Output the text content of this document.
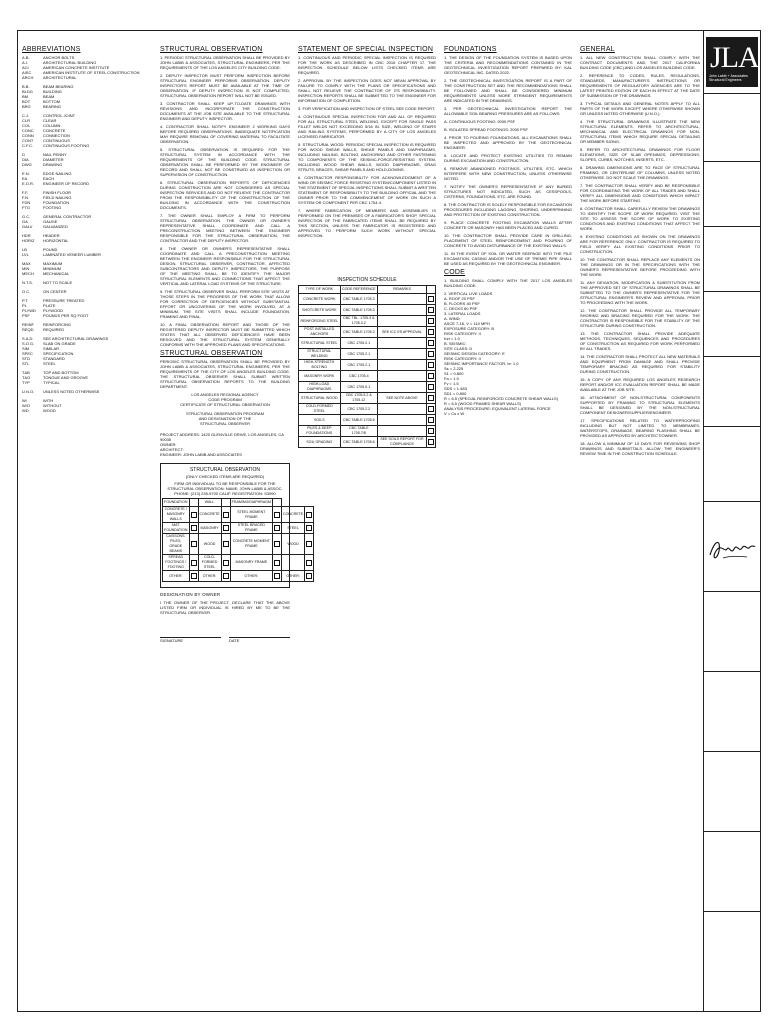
ABBREVIATIONS
A.B.	ANCHOR BOLTS
A.I.	ARCHITECTURAL BUILDING
ACI	AMERICAN CONCRETE INSTITUTE
AISC	AMERICAN INSTITUTE OF STEEL CONSTRUCTION
ARCH	ARCHITECTURAL
B.B.	BEAM BEARING
BLDG	BUILDING
BM	BEAM
BOT	BOTTOM
BRG	BEARING
C.J.	CONTROL JOINT
CLR	CLEAR
COL	COLUMN
CONC	CONCRETE
CONN	CONNECTION
CONT	CONTINUOUS
C.F.C.	CONTINUOUS FOOTING
D	NAIL PENNY
DIA	DIAMETER
DWG	DRAWING
E.N.	EDGE NAILING
EA	EACH
E.O.R.	ENGINEER OF RECORD
F.F.	FINISH FLOOR
F.N.	FIELD NAILING
FDN	FOUNDATION
FTG	FOOTING
G.C.	GENERAL CONTRACTOR
GA	GAUGE
GALV	GALVANIZED
HDR	HEADER
HORIZ	HORIZONTAL
LB	POUND
LVL	LAMINATED VENEER LUMBER
MAX	MAXIMUM
MIN	MINIMUM
MECH	MECHANICAL
N.T.S.	NOT TO SCALE
O.C.	ON CENTER
P.T.	PRESSURE TREATED
PL	PLATE
PLYWD	PLYWOOD
PSF	POUNDS PER SQ FOOT
REINF	REINFORCING
REQD	REQUIRED
S.A.D.	SEE ARCHITECTURAL DRAWINGS
S.O.G.	SLAB ON GRADE
SIM	SIMILAR
SPEC	SPECIFICATION
STD	STANDARD
STL	STEEL
T&B	TOP AND BOTTOM
T&G	TONGUE AND GROOVE
TYP	TYPICAL
U.N.O.	UNLESS NOTED OTHERWISE
W/	WITH
W/O	WITHOUT
WD	WOOD
STRUCTURAL OBSERVATION

1. PERIODIC STRUCTURAL OBSERVATION SHALL BE PROVIDED BY JOHN LABIB & ASSOCIATES, STRUCTURAL ENGINEERS, PER THE REQUIREMENTS OF THE LOS ANGELES CITY BUILDING CODE.

2. DEPUTY INSPECTOR MUST PERFORM INSPECTION BEFORE STRUCTURAL ENGINEER PERFORMS OBSERVATION. DEPUTY INSPECTOR'S REPORT MUST BE AVAILABLE AT THE TIME OF OBSERVATION. IF DEPUTY INSPECTION IS NOT COMPLETED, STRUCTURAL OBSERVATION REPORT WILL NOT BE ISSUED.

3. CONTRACTOR SHALL KEEP UP-TO-DATE DRAWINGS WITH REVISIONS AND INCORPORATE THE CONSTRUCTION DOCUMENTS AT THE JOB SITE AVAILABLE TO THE STRUCTURAL ENGINEER AND DEPUTY INSPECTOR.

4. CONTRACTOR SHALL NOTIFY ENGINEER 2 WORKING DAYS BEFORE REQUIRED OBSERVATIONS. INADEQUATE NOTIFICATION MAY REQUIRE REMOVAL OF COVERING MATERIAL TO FACILITATE OBSERVATION.

5. STRUCTURAL OBSERVATION IS REQUIRED FOR THE STRUCTURAL SYSTEM IN ACCORDANCE WITH THE REQUIREMENTS OF THE BUILDING CODE. STRUCTURAL OBSERVATION SHALL BE PERFORMED BY THE ENGINEER OF RECORD AND SHALL NOT BE CONSTRUED AS INSPECTION OR SUPERVISION OF CONSTRUCTION.

6. STRUCTURAL OBSERVATION REPORTS OF DEFICIENCIES DURING CONSTRUCTION ARE NOT CONSIDERED AS SPECIAL INSPECTION SERVICES AND DO NOT RELIEVE THE CONTRACTOR FROM THE RESPONSIBILITY OF THE CONSTRUCTION OF THE BUILDING IN ACCORDANCE WITH THE CONSTRUCTION DOCUMENTS.

7. THE OWNER SHALL EMPLOY A FIRM TO PERFORM STRUCTURAL OBSERVATION. THE OWNER OR OWNER'S REPRESENTATIVE SHALL COORDINATE AND CALL A PRECONSTRUCTION MEETING BETWEEN THE ENGINEER RESPONSIBLE FOR THE STRUCTURAL OBSERVATION, THE CONTRACTOR AND THE DEPUTY INSPECTOR.

8. THE OWNER OR OWNER'S REPRESENTATIVE SHALL COORDINATE AND CALL A PRECONSTRUCTION MEETING BETWEEN THE ENGINEER RESPONSIBLE FOR THE STRUCTURAL DESIGN, STRUCTURAL OBSERVER, CONTRACTOR, AFFECTED SUBCONTRACTORS AND DEPUTY INSPECTORS. THE PURPOSE OF THE MEETING SHALL BE TO IDENTIFY THE MAJOR STRUCTURAL ELEMENTS AND CONNECTIONS THAT AFFECT THE VERTICAL AND LATERAL LOAD SYSTEMS OF THE STRUCTURE.

9. THE STRUCTURAL OBSERVER SHALL PERFORM SITE VISITS AT THOSE STEPS IN THE PROGRESS OF THE WORK THAT ALLOW FOR CORRECTION OF DEFICIENCIES WITHOUT SUBSTANTIAL EFFORT OR UNCOVERING OF THE WORK INVOLVED. AT A MINIMUM, THE SITE VISITS SHALL INCLUDE FOUNDATION, FRAMING AND FINAL.

10. A FINAL OBSERVATION REPORT AND THOSE OF THE REGISTERED DEPUTY INSPECTOR MUST BE SUBMITTED WHICH STATES THAT ALL OBSERVED DEFICIENCIES HAVE BEEN RESOLVED AND THE STRUCTURAL SYSTEM GENERALLY CONFORMS WITH THE APPROVED PLANS AND SPECIFICATIONS.

STRUCTURAL OBSERVATION

PERIODIC STRUCTURAL OBSERVATION SHALL BE PROVIDED BY JOHN LABIB & ASSOCIATES, STRUCTURAL ENGINEERS, PER THE REQUIREMENTS OF THE CITY OF LOS ANGELES BUILDING CODE. THE STRUCTURAL OBSERVER SHALL SUBMIT WRITTEN STRUCTURAL OBSERVATION REPORTS TO THE BUILDING DEPARTMENT.

LOS ANGELES REGIONAL AGENCY
CODE PROGRAM
CERTIFICATE OF STRUCTURAL OBSERVATION
STRUCTURAL OBSERVATION PROGRAM
AND DESIGNATION OF THE
STRUCTURAL OBSERVER
PROJECT ADDRESS: 1420 GLENVILLE DRIVE, LOS ANGELES, CA 90035
OWNER:
ARCHITECT:
ENGINEER: JOHN LABIB AND ASSOCIATES
STRUCTURAL OBSERVATION
(ONLY CHECKED ITEMS ARE REQUIRED)

FIRM OR INDIVIDUAL TO BE RESPONSIBLE FOR THE STRUCTURAL OBSERVATION: NAME: JOHN LABIB & ASSOC. PHONE: (213) 239-9700 CALIF. REGISTRATION: S3990

FOUNDATION		WALL		FRAMING/DIAPHRAGM			
CONCRETE / MASONRY WALLS		CONCRETE		STEEL MOMENT FRAME		CONCRETE	
MAT FOUNDATION		MASONRY		STEEL BRACED FRAME		STEEL	
CAISSONS, PILES, GRADE BEAMS		WOOD		CONCRETE MOMENT FRAME		WOOD	
SPREAD FOOTINGS / FOOTING		COLD-FORMED STEEL		MASONRY FRAME			
OTHER:		OTHER:		OTHER:		OTHER:	
DESIGNATION BY OWNER

I THE OWNER OF THE PROJECT, DECLARE THAT THE ABOVE LISTED FIRM OR INDIVIDUAL IS HIRED BY ME TO BE THE STRUCTURAL OBSERVER.

SIGNATURE	DATE
STATEMENT OF SPECIAL INSPECTION

1. CONTINUOUS AND PERIODIC SPECIAL INSPECTION IS REQUIRED FOR THE WORK AS DESCRIBED IN CBC 2016 CHAPTER 17. THE INSPECTION SCHEDULE BELOW LISTS CHECKED ITEMS ARE REQUIRED.

2. APPROVAL BY THE INSPECTION DOES NOT MEAN APPROVAL BY FAILURE TO COMPLY WITH THE PLANS OR SPECIFICATIONS AND SHALL NOT RELIEVE THE CONTRACTOR OF ITS RESPONSIBILITY. INSPECTION REPORTS SHALL BE SUBMITTED TO THE ENGINEER FOR INFORMATION OF COMPLETION.

3. FOR VERIFICATION AND INSPECTION OF STEEL SEE CODE REPORT.

4. CONTINUOUS SPECIAL INSPECTION FOR AND ALL OF REQUIRED FOR ALL STRUCTURAL STEEL WELDING, EXCEPT FOR SINGLE PASS FILLET WELDS NOT EXCEEDING 5/16 IN. SIZE, WELDING OF STAIRS AND RAILING SYSTEMS, PERFORMED BY A CITY OF LOS ANGELES LICENSED FABRICATOR.

5. STRUCTURAL WOOD: PERIODIC SPECIAL INSPECTION IS REQUIRED FOR WOOD SHEAR WALLS, SHEAR PANELS AND DIAPHRAGMS, INCLUDING NAILING, BOLTING, ANCHORING AND OTHER FASTENING TO COMPONENTS OF THE SEISMIC-FORCE-RESISTING SYSTEM, INCLUDING WOOD SHEAR WALLS, WOOD DIAPHRAGMS, DRAG STRUTS, BRACES, SHEAR PANELS AND HOLD-DOWNS.

6. CONTRACTOR RESPONSIBILITY FOR ACKNOWLEDGMENT OF A WIND OR SEISMIC FORCE RESISTING SYSTEM/COMPONENT LISTED IN THE STATEMENT OF SPECIAL INSPECTIONS SHALL SUBMIT A WRITTEN STATEMENT OF RESPONSIBILITY TO THE BUILDING OFFICIAL AND THE OWNER PRIOR TO THE COMMENCEMENT OF WORK ON SUCH A SYSTEM OR COMPONENT PER CBC 1704.4.

7. WHERE FABRICATION OF MEMBERS AND ASSEMBLIES IS PERFORMED ON THE PREMISES OF A FABRICATOR'S SHOP, SPECIAL INSPECTION OF THE FABRICATED ITEMS SHALL BE REQUIRED BY THIS SECTION, UNLESS THE FABRICATOR IS REGISTERED AND APPROVED TO PERFORM SUCH WORK WITHOUT SPECIAL INSPECTION.

INSPECTION SCHEDULE
TYPE OF WORK	CODE REFERENCE	REMARKS	
CONCRETE WORK	CBC TABLE 1705.3		
SHOTCRETE WORK	CBC TABLE 1705.3		
REINFORCING STEEL	CBC TBL. 1705.3 & 1705.3.2		
POST INSTALLED ANCHORS	CBC TABLE 1705.3	SEE ICC ES APPROVAL	
STRUCTURAL STEEL	CBC 1705.2.1		
STRUCTURAL WELDING	CBC 1705.2.1		
HIGH-STRENGTH BOLTING	CBC 1705.2.1		
MASONRY WORK	CBC 1705.4		
HIGH-LOAD DIAPHRAGMS	CBC 1705.5.1		
STRUCTURAL WOOD	CBC 1705.5.2 & 1705.12	SEE NOTE ABOVE	
COLD-FORMED STEEL	CBC 1705.2.2		
SOILS	CBC TABLE 1705.6		
PILES & DEEP FOUNDATIONS	CBC TABLE 1705.7/8		
SOIL GRADING	CBC TABLE 1705.6	SEE SOILS REPORT FOR COMPLIANCE	
FOUNDATIONS

1. THE DESIGN OF THE FOUNDATION SYSTEM IS BASED UPON THE CRITERIA AND RECOMMENDATIONS CONTAINED IN THE GEOTECHNICAL INVESTIGATION REPORT PREPARED BY: KAL GEOTECHNICAL INC. DATED 2022.

2. THE GEOTECHNICAL INVESTIGATION REPORT IS A PART OF THE CONSTRUCTION SET AND THE RECOMMENDATIONS SHALL BE FOLLOWED AND SHALL BE CONSIDERED MINIMUM REQUIREMENTS UNLESS MORE STRINGENT REQUIREMENTS ARE INDICATED IN THE DRAWINGS.

3. PER GEOTECHNICAL INVESTIGATION REPORT THE ALLOWABLE SOIL BEARING PRESSURES ARE AS FOLLOWS:

A. CONTINUOUS FOOTING: 2000 PSF

B. ISOLATED SPREAD FOOTINGS: 2000 PSF

4. PRIOR TO POURING FOUNDATIONS, ALL EXCAVATIONS SHALL BE INSPECTED AND APPROVED BY THE GEOTECHNICAL ENGINEER.

5. LOCATE AND PROTECT EXISTING UTILITIES TO REMAIN DURING EXCAVATION AND CONSTRUCTION.

6. REMOVE ABANDONED FOOTINGS, UTILITIES, ETC. WHICH INTERFERE WITH NEW CONSTRUCTION, UNLESS OTHERWISE NOTED.

7. NOTIFY THE OWNER'S REPRESENTATIVE IF ANY BURIED STRUCTURES NOT INDICATED, SUCH AS CESSPOOLS, CISTERNS, FOUNDATIONS, ETC. ARE FOUND.

8. THE CONTRACTOR IS SOLELY RESPONSIBLE FOR EXCAVATION PROCEDURES INCLUDING LAGGING, SHORING, UNDERPINNING AND PROTECTION OF EXISTING CONSTRUCTION.

9. PLACE CONCRETE FOOTING EXCAVATION WALLS AFTER CONCRETE OR MASONRY HAS BEEN PLACED AND CURED.

10. THE CONTRACTOR SHALL PROVIDE CARE IN DRILLING, PLACEMENT OF STEEL REINFORCEMENT AND POURING OF CONCRETE TO AVOID DISTURBANCE OF THE EXISTING WALLS.

11. IN THE EVENT OF SOIL OR WATER SEEPAGE INTO THE PILE EXCAVATION, CASING AND/OR THE USE OF TREMIE PIPE SHALL BE USED AS REQUIRED BY THE GEOTECHNICAL ENGINEER.

CODE

1. BUILDING SHALL COMPLY WITH THE 2017 LOS ANGELES BUILDING CODE.

2. VERTICAL LIVE LOADS
A. ROOF 20 PSF
B. FLOORS 40 PSF
C. DECKS 60 PSF
3. LATERAL LOADS
A. WIND:
ASCE 7-16, V = 110 MPH
EXPOSURE CATEGORY: B
RISK CATEGORY: II
Kzt = 1.0
B. SEISMIC:
SITE CLASS: D
SEISMIC DESIGN CATEGORY: E
RISK CATEGORY: II
SEISMIC IMPORTANCE FACTOR, Ie: 1.0
Ss = 2.225
S1 = 0.800
Fa = 1.0
Fv = 1.5
SDS = 1.483
SD1 = 0.800
R = 6.5 (SPECIAL REINFORCED CONCRETE SHEAR WALLS)
R = 6.5 (WOOD FRAMED SHEAR WALLS)
ANALYSIS PROCEDURE: EQUIVALENT LATERAL FORCE
V = Cs x W
GENERAL

1. ALL NEW CONSTRUCTION SHALL COMPLY WITH THE CONTRACT DOCUMENTS AND THE 2017 CALIFORNIA BUILDING CODE (CBC) AND LOS ANGELES BUILDING CODE.

2. REFERENCE TO CODES, RULES, REGULATIONS, STANDARDS, MANUFACTURER'S INSTRUCTIONS OR REQUIREMENTS OF REGULATORY AGENCIES ARE TO THE LATEST PRINTED EDITION OF EACH IN EFFECT AT THE DATE OF SUBMISSION OF THE DRAWINGS.

3. TYPICAL DETAILS AND GENERAL NOTES APPLY TO ALL PARTS OF THE WORK EXCEPT WHERE OTHERWISE SHOWN OR UNLESS NOTED OTHERWISE (U.N.O.).

4. THE STRUCTURAL DRAWINGS ILLUSTRATE THE NEW STRUCTURAL ELEMENTS. REFER TO ARCHITECTURAL, MECHANICAL AND ELECTRICAL DRAWINGS FOR NON-STRUCTURAL ITEMS WHICH REQUIRE SPECIAL DETAILING OR MEMBER SIZING.

5. REFER TO ARCHITECTURAL DRAWINGS FOR FLOOR ELEVATIONS, SIZE OF SLAB OPENINGS, DEPRESSIONS, SLOPES, CURBS, NOTCHES, INSERTS, ETC.

6. DRAWING DIMENSIONS ARE TO FACE OF STRUCTURAL FRAMING, OR CENTERLINE OF COLUMNS, UNLESS NOTED OTHERWISE. DO NOT SCALE THE DRAWINGS.

7. THE CONTRACTOR SHALL VERIFY AND BE RESPONSIBLE FOR COORDINATING THE WORK OF ALL TRADES AND SHALL VERIFY ALL DIMENSIONS AND CONDITIONS WHICH IMPACT THE WORK BEFORE STARTING.

8. CONTRACTOR SHALL CAREFULLY REVIEW THE DRAWINGS TO IDENTIFY THE SCOPE OF WORK REQUIRED. VISIT THE SITE TO ASSESS THE SCOPE OF WORK TO EXISTING CONDITIONS AND EXISTING CONDITIONS THAT AFFECT THE WORK.

9. EXISTING CONDITIONS AS SHOWN ON THE DRAWINGS ARE FOR REFERENCE ONLY. CONTRACTOR IS REQUIRED TO FIELD VERIFY ALL EXISTING CONDITIONS PRIOR TO CONSTRUCTION.

10. THE CONTRACTOR SHALL REPLACE ANY ELEMENTS ON THE DRAWINGS OR IN THE SPECIFICATIONS WITH THE OWNER'S REPRESENTATIVE BEFORE PROCEEDING WITH THE WORK.

11. ANY DEVIATION, MODIFICATION & SUBSTITUTION FROM THE APPROVED SET OF STRUCTURAL DRAWINGS SHALL BE SUBMITTED TO THE OWNER'S REPRESENTATIVE FOR THE STRUCTURAL ENGINEER'S REVIEW AND APPROVAL PRIOR TO PROCEEDING WITH THE WORK.

12. THE CONTRACTOR SHALL PROVIDE ALL TEMPORARY SHORING AND BRACING REQUIRED FOR THE WORK. THE CONTRACTOR IS RESPONSIBLE FOR THE STABILITY OF THE STRUCTURE DURING CONSTRUCTION.

13. THE CONTRACTOR SHALL PROVIDE ADEQUATE METHODS, TECHNIQUES, SEQUENCES AND PROCEDURES OF CONSTRUCTION AS REQUIRED FOR WORK PERFORMED BY ALL TRADES.

14. THE CONTRACTOR SHALL PROTECT ALL NEW MATERIALS AND EQUIPMENT FROM DAMAGE AND SHALL PROVIDE TEMPORARY BRACING AS REQUIRED FOR STABILITY DURING CONSTRUCTION.

15. A COPY OF ANY REQUIRED LOS ANGELES RESEARCH REPORT AND/OR ICC EVALUATION REPORT SHALL BE MADE AVAILABLE AT THE JOB SITE.

16. ATTACHMENT OF NON-STRUCTURAL COMPONENTS SUPPORTED BY FRAMING TO STRUCTURAL ELEMENTS SHALL BE DESIGNED BY THE NON-STRUCTURAL COMPONENT DESIGNER/SUPPLIER/ENGINEER.

17. SPECIFICATIONS RELATED TO WATERPROOFING INCLUDING BUT NOT LIMITED TO MEMBRANES, WATERSTOPS, DRAINAGE, BEARING FLASHING SHALL BE PROVIDED AS APPROVED BY ARCHITECT/OWNER.

18. ALLOW A MINIMUM OF 10 DAYS FOR REVIEWING SHOP DRAWINGS AND SUBMITTALS. ALLOW THE ENGINEER'S REVIEW TIME IN THE CONSTRUCTION SCHEDULE.

JLA
John Labib + Associates
Structural Engineers
